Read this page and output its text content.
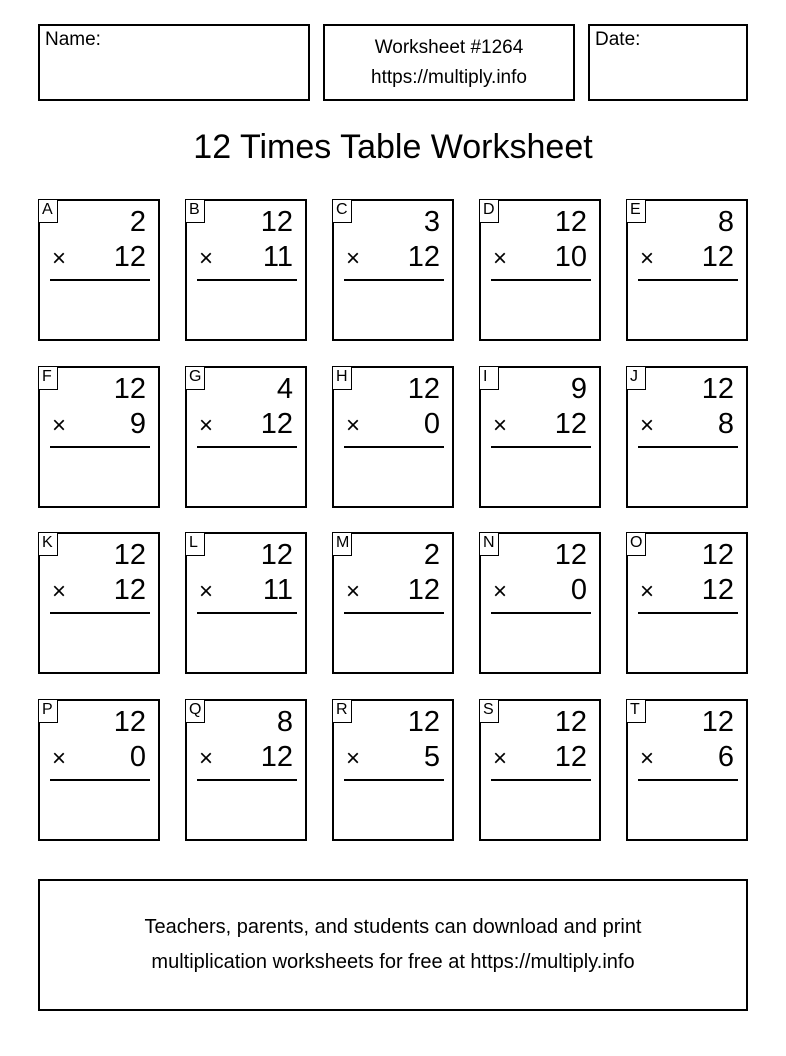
Name:	Worksheet #1264
https://multiply.info
Date:
12 Times Table Worksheet
A	2
× 12
B 12
× 11
C	3
× 12
D 12
× 10
E	8
× 12
F 12
× 9
G	4
× 12
H 12
× 0
I	9
× 12
J 12
× 8
K 12
× 12
L 12
× 11
M	2
× 12
N 12
× 0
O 12
× 12
P 12
× 0
Q	8
× 12
R 12
× 5
S 12
× 12
T 12
× 6
Teachers, parents, and students can download and print
multiplication worksheets for free at https://multiply.info
